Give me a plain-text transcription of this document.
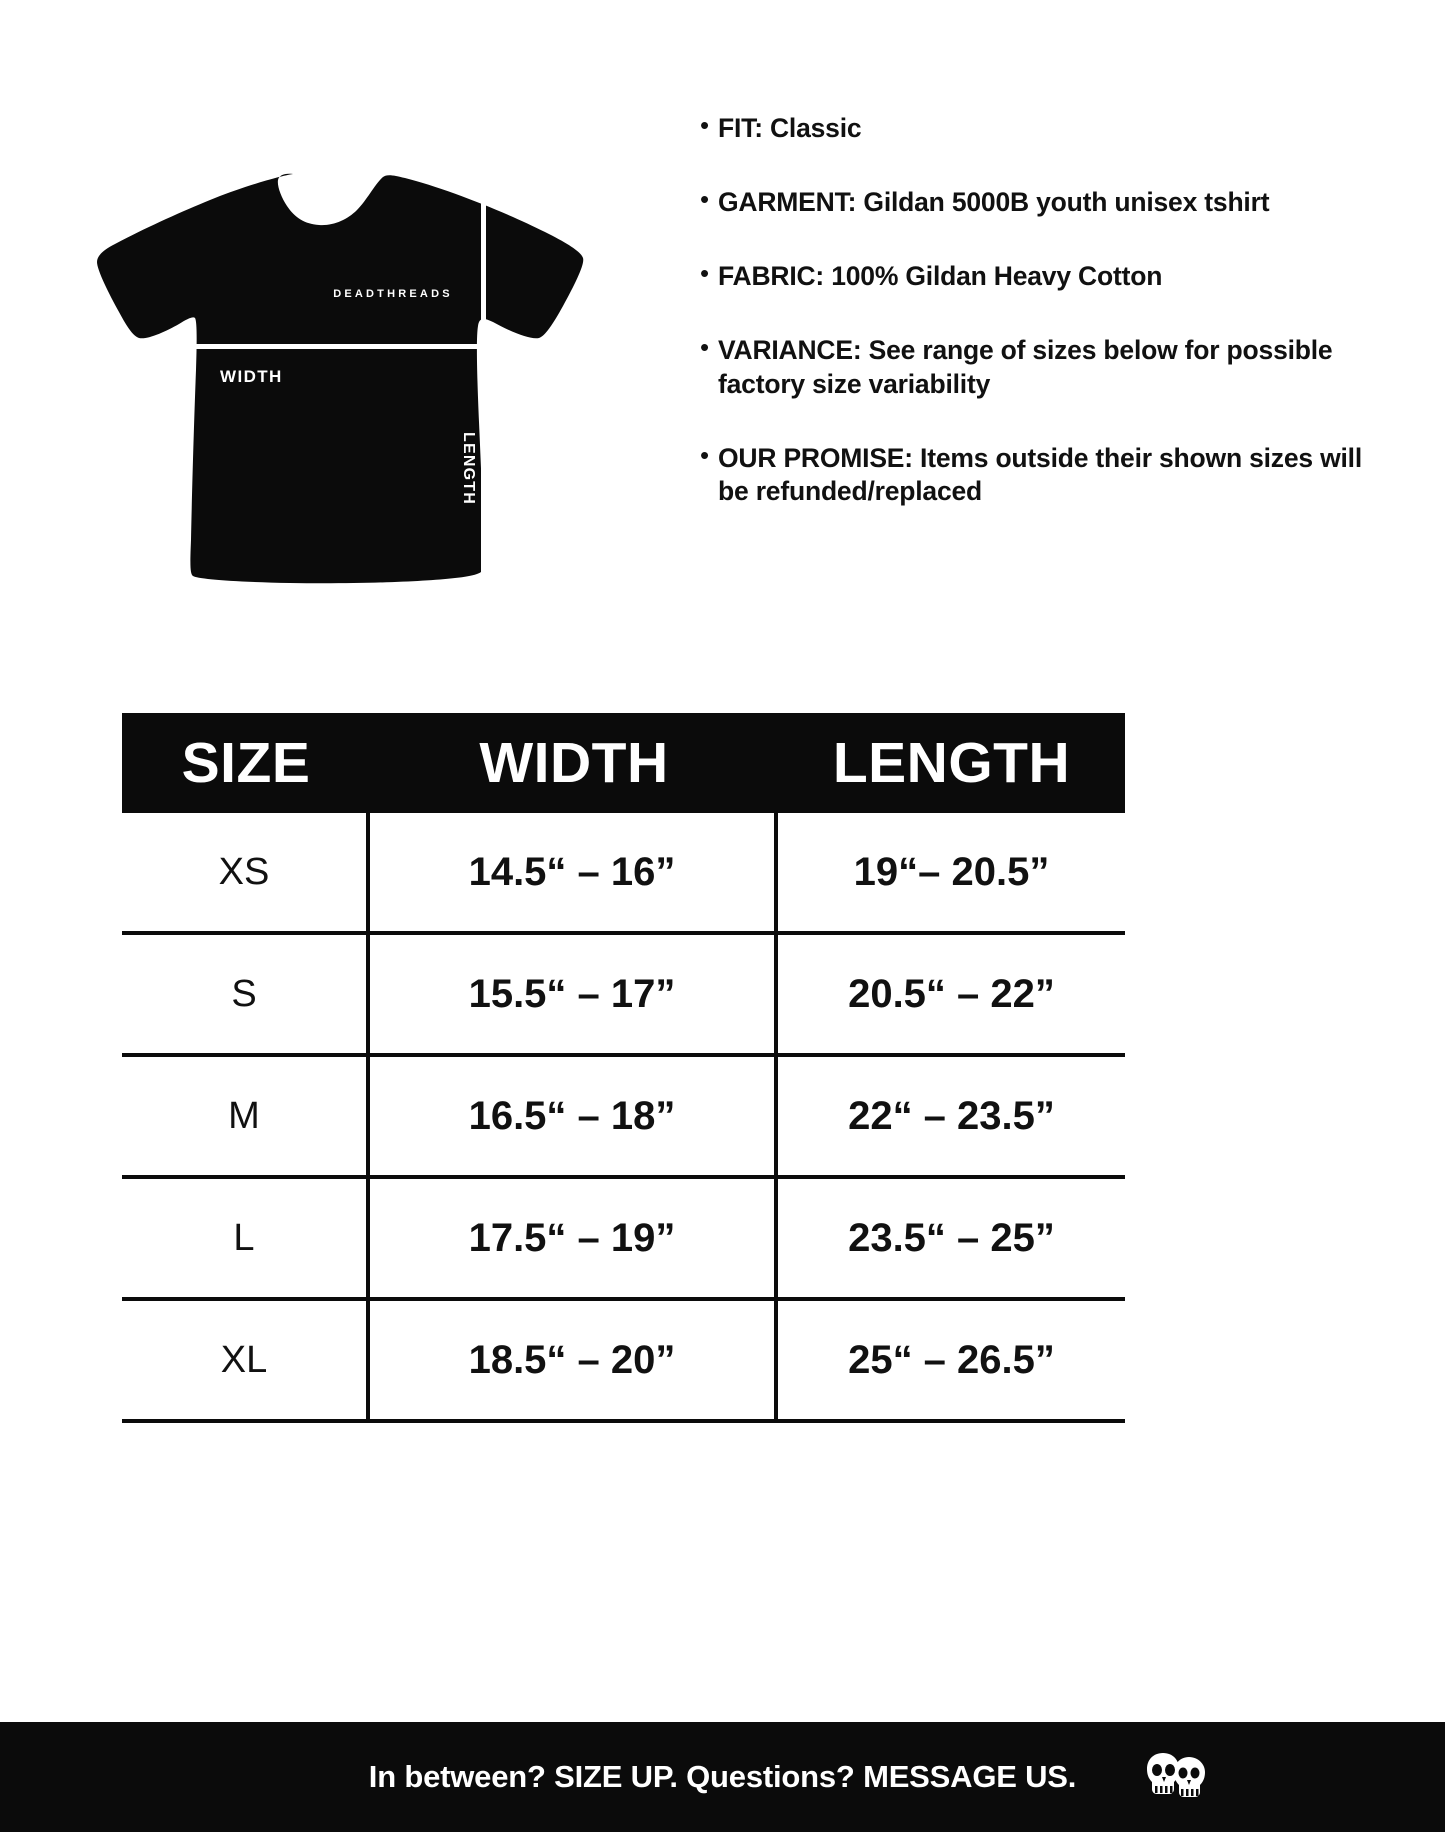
DEADTHREADS
WIDTH
LENGTH
• FIT: Classic
• GARMENT: Gildan 5000B youth unisex tshirt
• FABRIC: 100% Gildan Heavy Cotton
• VARIANCE: See range of sizes below for possible factory size variability
• OUR PROMISE: Items outside their shown sizes will be refunded/replaced
SIZE	WIDTH	LENGTH
XS	14.5“ – 16”	19“– 20.5”
S	15.5“ – 17”	20.5“ – 22”
M	16.5“ – 18”	22“ – 23.5”
L	17.5“ – 19”	23.5“ – 25”
XL	18.5“ – 20”	25“ – 26.5”
In between? SIZE UP. Questions? MESSAGE US.
